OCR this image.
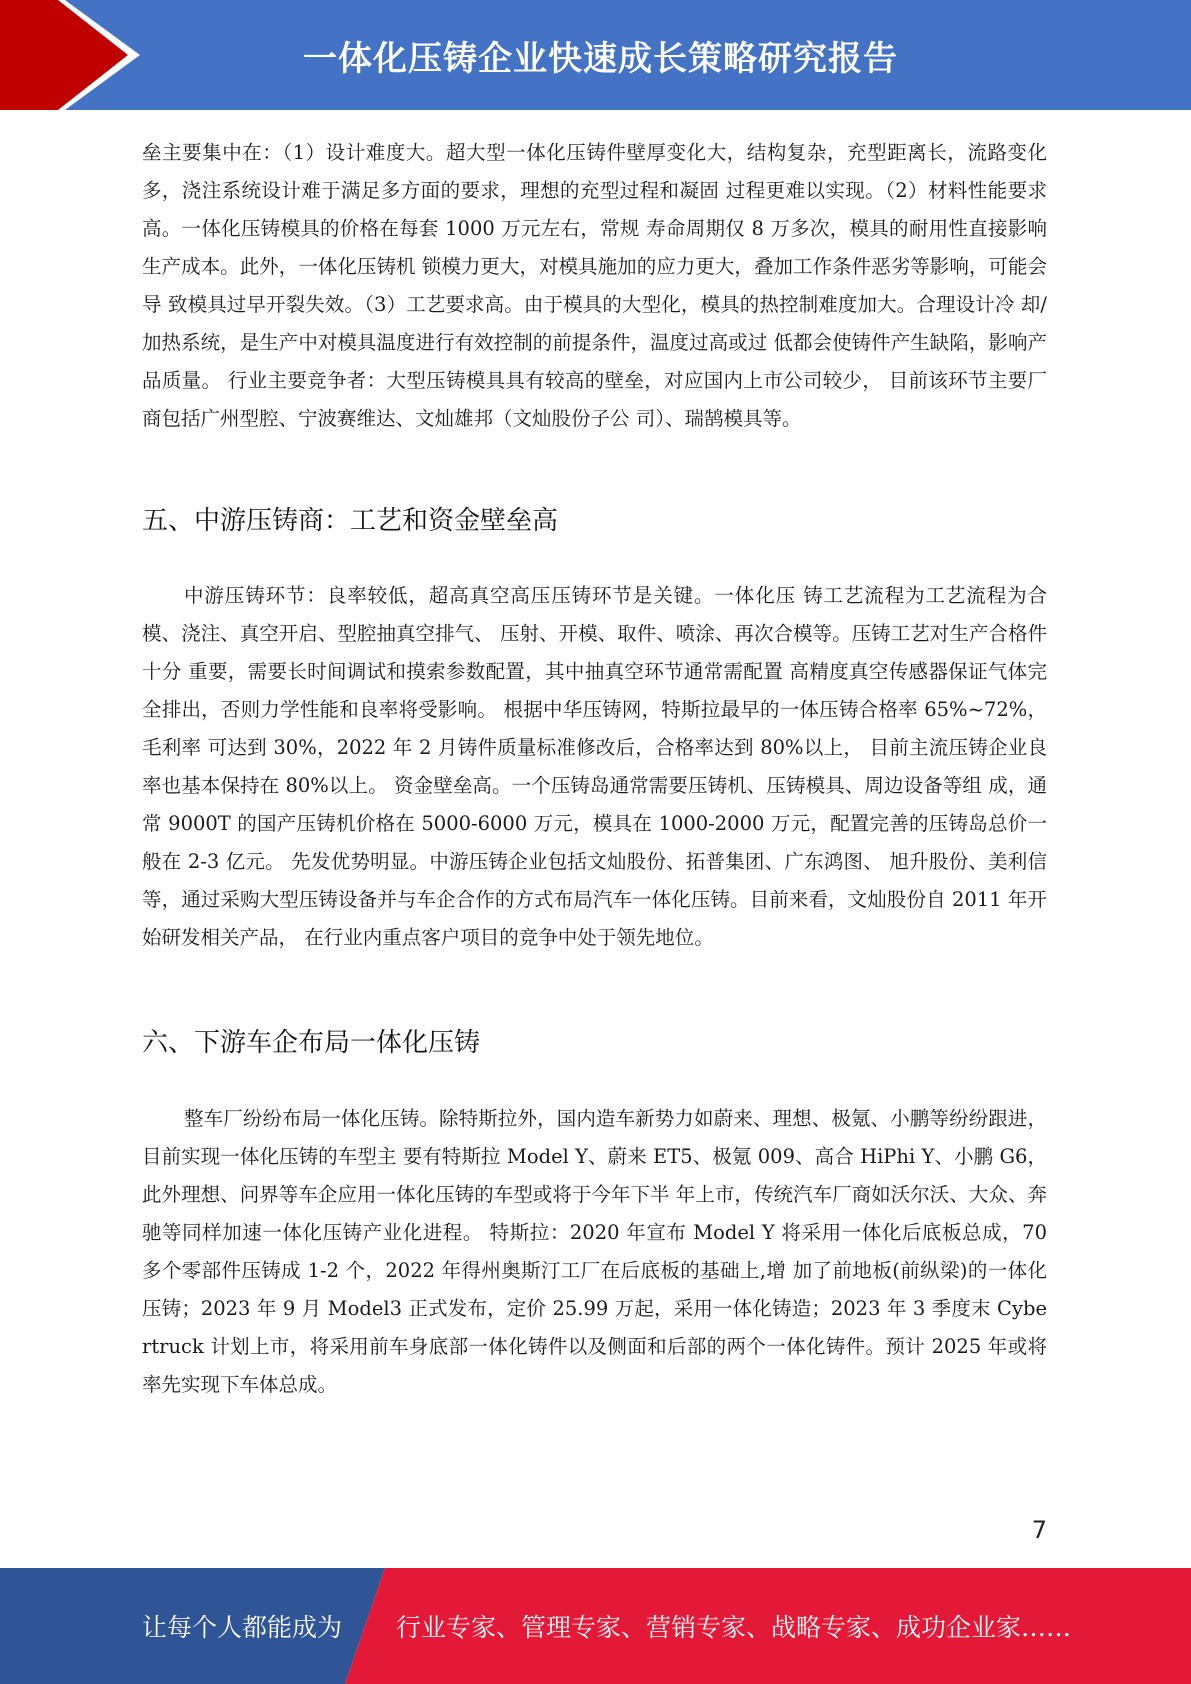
一体化压铸企业快速成长策略研究报告

垒主要集中在：（1）设计难度大。超大型一体化压铸件壁厚变化大，结构复杂，充型距离长，流路变化多，浇注系统设计难于满足多方面的要求，理想的充型过程和凝固 过程更难以实现。（2）材料性能要求高。一体化压铸模具的价格在每套 1000 万元左右，常规 寿命周期仅 8 万多次，模具的耐用性直接影响生产成本。此外，一体化压铸机 锁模力更大，对模具施加的应力更大，叠加工作条件恶劣等影响，可能会导 致模具过早开裂失效。（3）工艺要求高。由于模具的大型化，模具的热控制难度加大。合理设计冷 却/加热系统，是生产中对模具温度进行有效控制的前提条件，温度过高或过 低都会使铸件产生缺陷，影响产品质量。 行业主要竞争者：大型压铸模具具有较高的壁垒，对应国内上市公司较少， 目前该环节主要厂商包括广州型腔、宁波赛维达、文灿雄邦（文灿股份子公 司）、瑞鹄模具等。

五、中游压铸商：工艺和资金壁垒高

中游压铸环节：良率较低，超高真空高压压铸环节是关键。一体化压 铸工艺流程为工艺流程为合模、浇注、真空开启、型腔抽真空排气、 压射、开模、取件、喷涂、再次合模等。压铸工艺对生产合格件十分 重要，需要长时间调试和摸索参数配置，其中抽真空环节通常需配置 高精度真空传感器保证气体完全排出，否则力学性能和良率将受影响。 根据中华压铸网，特斯拉最早的一体压铸合格率 65%~72%，毛利率 可达到 30%，2022 年 2 月铸件质量标准修改后，合格率达到 80%以上， 目前主流压铸企业良率也基本保持在 80%以上。 资金壁垒高。一个压铸岛通常需要压铸机、压铸模具、周边设备等组 成，通常 9000T 的国产压铸机价格在 5000-6000 万元，模具在 1000-2000 万元，配置完善的压铸岛总价一般在 2-3 亿元。 先发优势明显。中游压铸企业包括文灿股份、拓普集团、广东鸿图、 旭升股份、美利信等，通过采购大型压铸设备并与车企合作的方式布局汽车一体化压铸。目前来看，文灿股份自 2011 年开始研发相关产品， 在行业内重点客户项目的竞争中处于领先地位。

六、下游车企布局一体化压铸

整车厂纷纷布局一体化压铸。除特斯拉外，国内造车新势力如蔚来、理想、极氪、小鹏等纷纷跟进，目前实现一体化压铸的车型主 要有特斯拉 Model Y、蔚来 ET5、极氪 009、高合 HiPhi Y、小鹏 G6，此外理想、问界等车企应用一体化压铸的车型或将于今年下半 年上市，传统汽车厂商如沃尔沃、大众、奔驰等同样加速一体化压铸产业化进程。 特斯拉：2020 年宣布 Model Y 将采用一体化后底板总成，70 多个零部件压铸成 1-2 个，2022 年得州奥斯汀工厂在后底板的基础上,增 加了前地板(前纵梁)的一体化压铸；2023 年 9 月 Model3 正式发布，定价 25.99 万起，采用一体化铸造；2023 年 3 季度末 Cybertruck 计划上市，将采用前车身底部一体化铸件以及侧面和后部的两个一体化铸件。预计 2025 年或将率先实现下车体总成。

7
让每个人都能成为 行业专家、管理专家、营销专家、战略专家、成功企业家……
